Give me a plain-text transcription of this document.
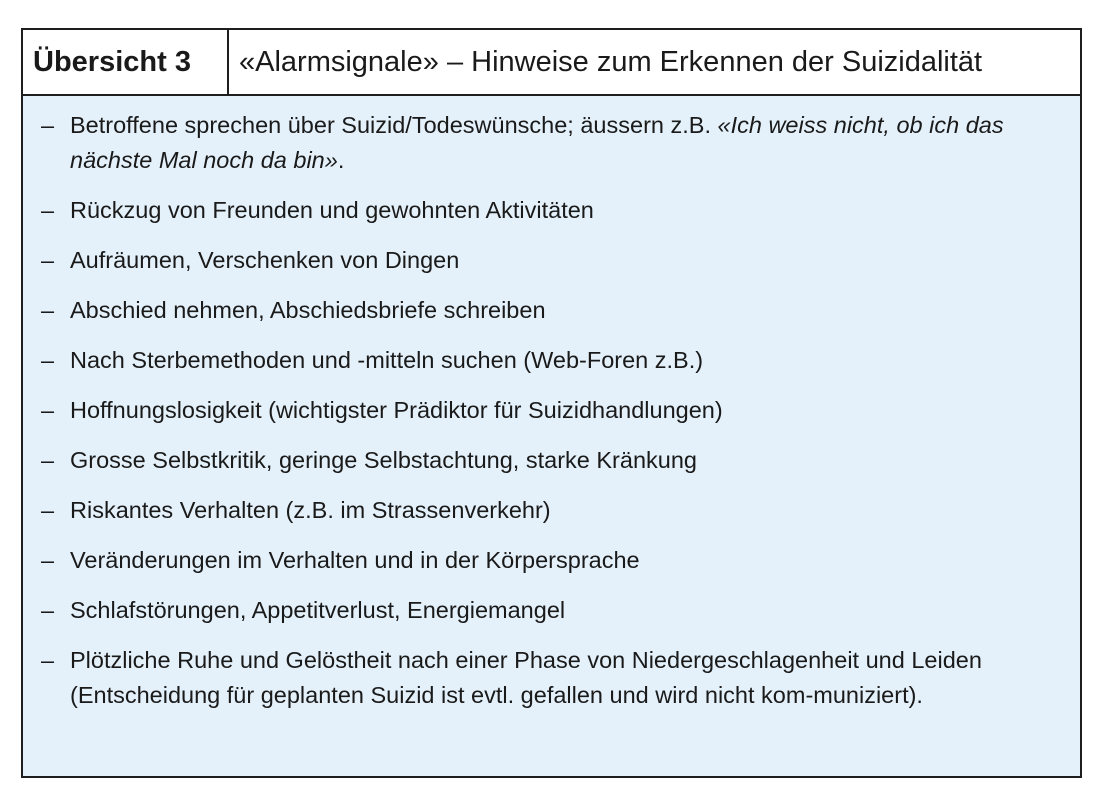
Übersicht 3	«Alarmsignale» – Hinweise zum Erkennen der Suizidalität
– Betroffene sprechen über Suizid/Todeswünsche; äussern z.B. «Ich weiss nicht, ob ich das nächste Mal noch da bin».
– Rückzug von Freunden und gewohnten Aktivitäten
– Aufräumen, Verschenken von Dingen
– Abschied nehmen, Abschiedsbriefe schreiben
– Nach Sterbemethoden und -mitteln suchen (Web-Foren z.B.)
– Hoffnungslosigkeit (wichtigster Prädiktor für Suizidhandlungen)
– Grosse Selbstkritik, geringe Selbstachtung, starke Kränkung
– Riskantes Verhalten (z.B. im Strassenverkehr)
– Veränderungen im Verhalten und in der Körpersprache
– Schlafstörungen, Appetitverlust, Energiemangel
– Plötzliche Ruhe und Gelöstheit nach einer Phase von Niedergeschlagenheit und Leiden (Entscheidung für geplanten Suizid ist evtl. gefallen und wird nicht kom-muniziert).
